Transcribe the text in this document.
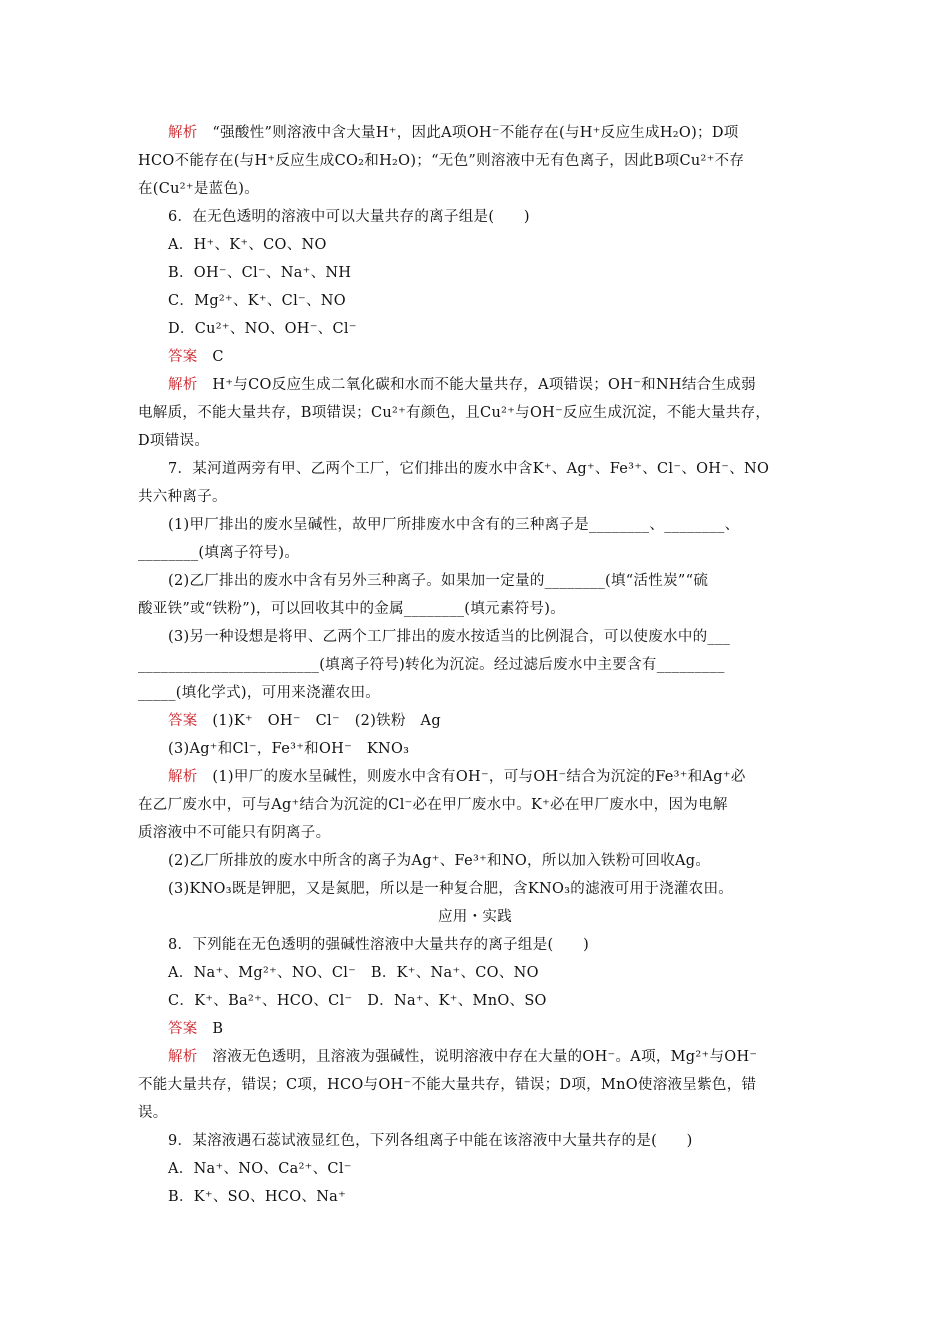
解析　“强酸性”则溶液中含大量H⁺，因此A项OH⁻不能存在(与H⁺反应生成H₂O)；D项
HCO不能存在(与H⁺反应生成CO₂和H₂O)；“无色”则溶液中无有色离子，因此B项Cu²⁺不存
在(Cu²⁺是蓝色)。
6．在无色透明的溶液中可以大量共存的离子组是(　　)
A．H⁺、K⁺、CO、NO
B．OH⁻、Cl⁻、Na⁺、NH
C．Mg²⁺、K⁺、Cl⁻、NO
D．Cu²⁺、NO、OH⁻、Cl⁻
答案　C
解析　H⁺与CO反应生成二氧化碳和水而不能大量共存，A项错误；OH⁻和NH结合生成弱
电解质，不能大量共存，B项错误；Cu²⁺有颜色，且Cu²⁺与OH⁻反应生成沉淀，不能大量共存，
D项错误。
7．某河道两旁有甲、乙两个工厂，它们排出的废水中含K⁺、Ag⁺、Fe³⁺、Cl⁻、OH⁻、NO
共六种离子。
(1)甲厂排出的废水呈碱性，故甲厂所排废水中含有的三种离子是________、________、
________(填离子符号)。
(2)乙厂排出的废水中含有另外三种离子。如果加一定量的________(填“活性炭”“硫
酸亚铁”或“铁粉”)，可以回收其中的金属________(填元素符号)。
(3)另一种设想是将甲、乙两个工厂排出的废水按适当的比例混合，可以使废水中的___
________________________(填离子符号)转化为沉淀。经过滤后废水中主要含有_________
_____(填化学式)，可用来浇灌农田。
答案　(1)K⁺　OH⁻　Cl⁻　(2)铁粉　Ag
(3)Ag⁺和Cl⁻，Fe³⁺和OH⁻　KNO₃
解析　(1)甲厂的废水呈碱性，则废水中含有OH⁻，可与OH⁻结合为沉淀的Fe³⁺和Ag⁺必
在乙厂废水中，可与Ag⁺结合为沉淀的Cl⁻必在甲厂废水中。K⁺必在甲厂废水中，因为电解
质溶液中不可能只有阴离子。
(2)乙厂所排放的废水中所含的离子为Ag⁺、Fe³⁺和NO，所以加入铁粉可回收Ag。
(3)KNO₃既是钾肥，又是氮肥，所以是一种复合肥，含KNO₃的滤液可用于浇灌农田。
应用・实践
8．下列能在无色透明的强碱性溶液中大量共存的离子组是(　　)
A．Na⁺、Mg²⁺、NO、Cl⁻　B．K⁺、Na⁺、CO、NO
C．K⁺、Ba²⁺、HCO、Cl⁻　D．Na⁺、K⁺、MnO、SO
答案　B
解析　溶液无色透明，且溶液为强碱性，说明溶液中存在大量的OH⁻。A项，Mg²⁺与OH⁻
不能大量共存，错误；C项，HCO与OH⁻不能大量共存，错误；D项，MnO使溶液呈紫色，错
误。
9．某溶液遇石蕊试液显红色，下列各组离子中能在该溶液中大量共存的是(　　)
A．Na⁺、NO、Ca²⁺、Cl⁻
B．K⁺、SO、HCO、Na⁺
